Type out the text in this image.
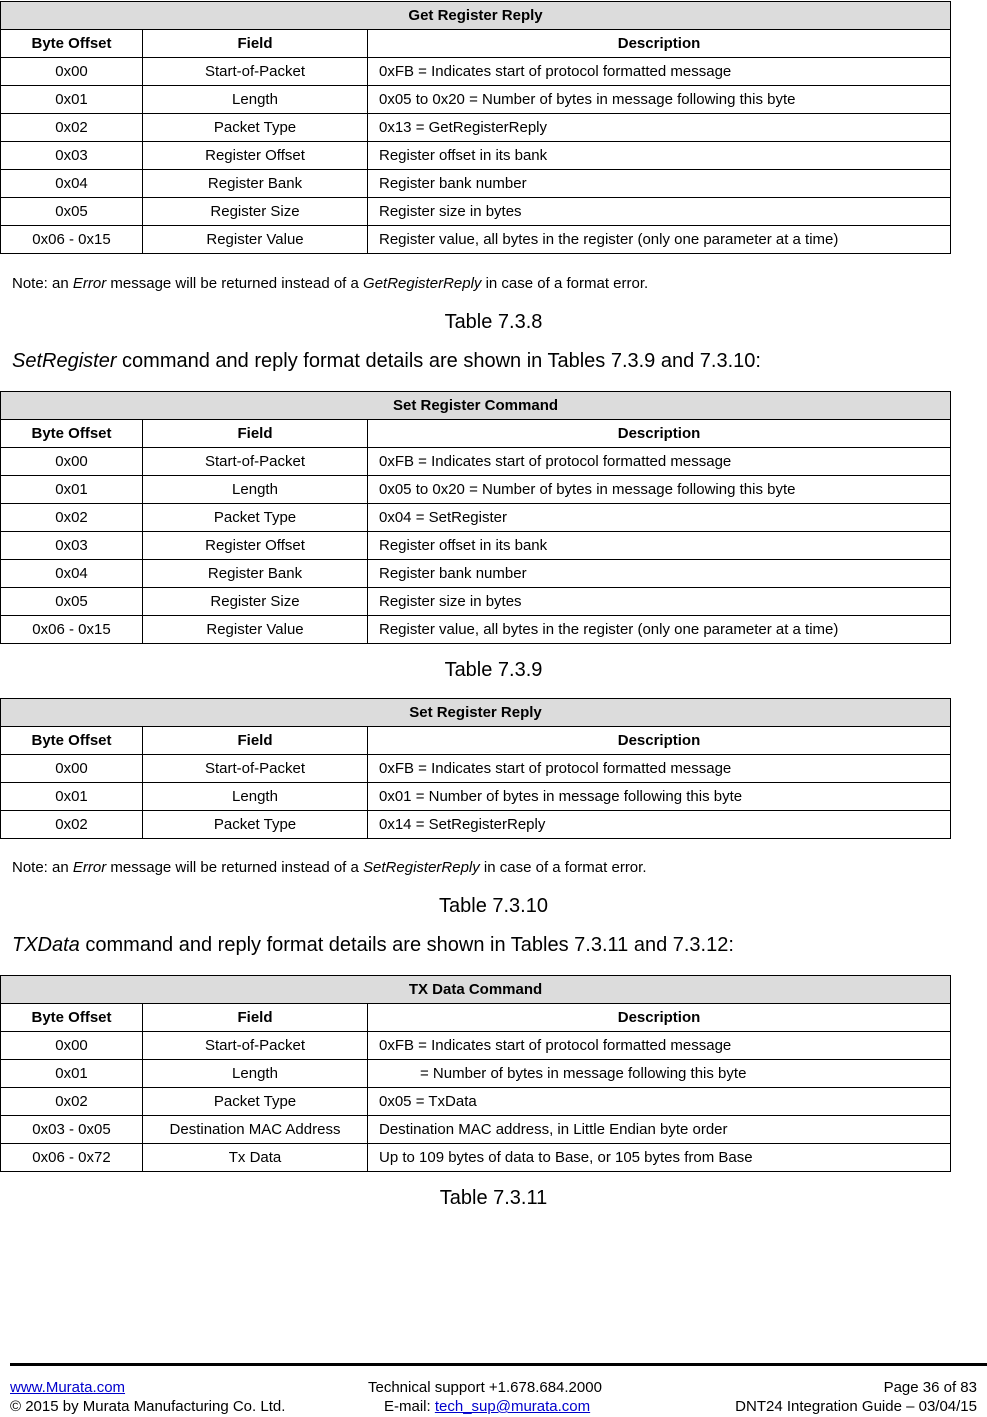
Get Register Reply		
Byte Offset	Field	Description
0x00	Start-of-Packet	0xFB = Indicates start of protocol formatted message
0x01	Length	0x05 to 0x20 = Number of bytes in message following this byte
0x02	Packet Type	0x13 = GetRegisterReply
0x03	Register Offset	Register offset in its bank
0x04	Register Bank	Register bank number
0x05	Register Size	Register size in bytes
0x06 - 0x15	Register Value	Register value, all bytes in the register (only one parameter at a time)
Note: an Error message will be returned instead of a GetRegisterReply in case of a format error.
Table 7.3.8
SetRegister command and reply format details are shown in Tables 7.3.9 and 7.3.10:
Set Register Command		
Byte Offset	Field	Description
0x00	Start-of-Packet	0xFB = Indicates start of protocol formatted message
0x01	Length	0x05 to 0x20 = Number of bytes in message following this byte
0x02	Packet Type	0x04 = SetRegister
0x03	Register Offset	Register offset in its bank
0x04	Register Bank	Register bank number
0x05	Register Size	Register size in bytes
0x06 - 0x15	Register Value	Register value, all bytes in the register (only one parameter at a time)
Table 7.3.9
Set Register Reply		
Byte Offset	Field	Description
0x00	Start-of-Packet	0xFB = Indicates start of protocol formatted message
0x01	Length	0x01 = Number of bytes in message following this byte
0x02	Packet Type	0x14 = SetRegisterReply
Note: an Error message will be returned instead of a SetRegisterReply in case of a format error.
Table 7.3.10
TXData command and reply format details are shown in Tables 7.3.11 and 7.3.12:
TX Data Command		
Byte Offset	Field	Description
0x00	Start-of-Packet	0xFB = Indicates start of protocol formatted message
0x01	Length	= Number of bytes in message following this byte
0x02	Packet Type	0x05 = TxData
0x03 - 0x05	Destination MAC Address	Destination MAC address, in Little Endian byte order
0x06 - 0x72	Tx Data	Up to 109 bytes of data to Base, or 105 bytes from Base
Table 7.3.11
www.Murata.com
© 2015 by Murata Manufacturing Co. Ltd.
Technical support +1.678.684.2000
E-mail: tech_sup@murata.com
Page 36 of 83
DNT24 Integration Guide – 03/04/15
